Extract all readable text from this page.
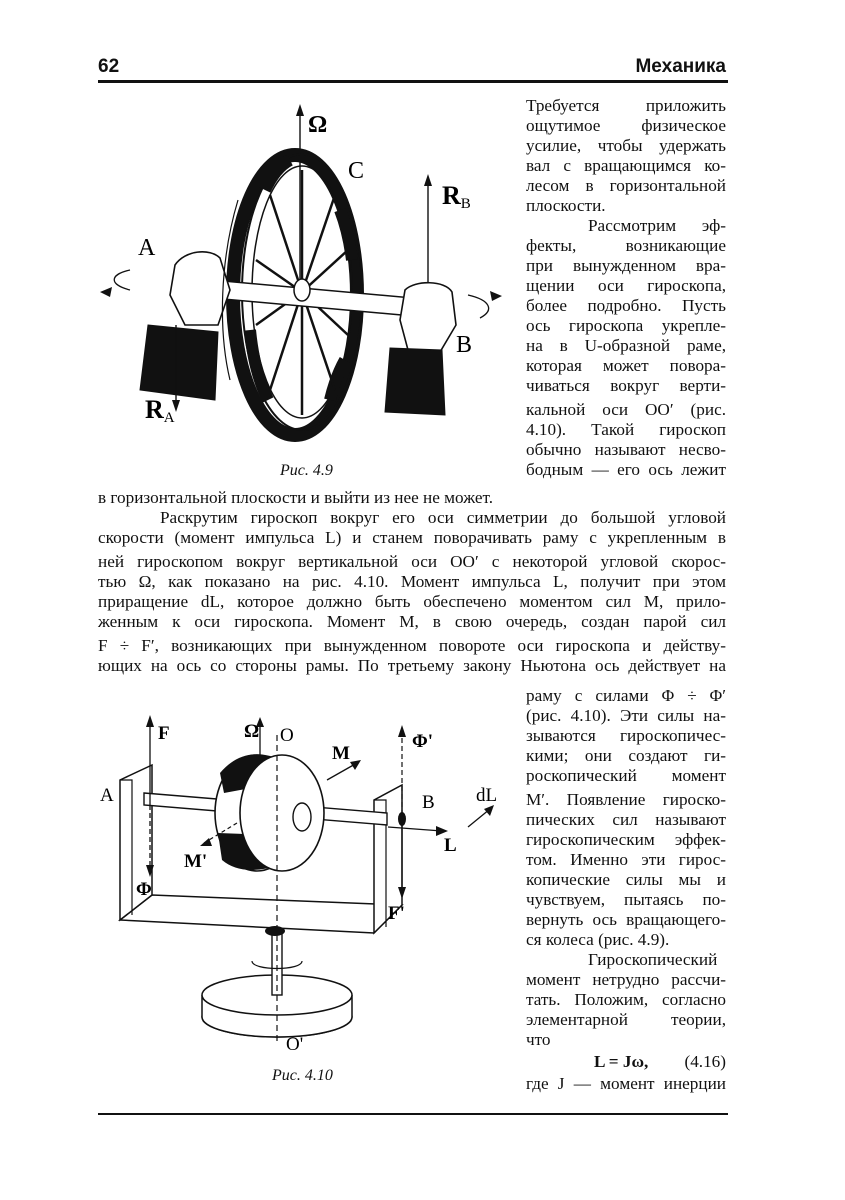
62	Механика
Ω
C
RB
A
RA
B
Рис. 4.9
Требуется приложить
ощутимое физическое
усилие, чтобы удержать
вал с вращающимся ко-
лесом в горизонтальной
плоскости.
Рассмотрим эф-
фекты, возникающие
при вынужденном вра-
щении оси гироскопа,
более подробно. Пусть
ось гироскопа укрепле-
на в U-образной раме,
которая может повора-
чиваться вокруг верти-
кальной оси OO′ (рис.
4.10). Такой гироскоп
обычно называют несво-
бодным — его ось лежит
в горизонтальной плоскости и выйти из нее не может.
Раскрутим гироскоп вокруг его оси симметрии до большой угловой
скорости (момент импульса L) и станем поворачивать раму с укрепленным в
ней гироскопом вокруг вертикальной оси OO′ с некоторой угловой скорос-
тью Ω, как показано на рис. 4.10. Момент импульса L, получит при этом
приращение dL, которое должно быть обеспечено моментом сил M, прило-
женным к оси гироскопа. Момент M, в свою очередь, создан парой сил
F ÷ F′, возникающих при вынужденном повороте оси гироскопа и действу-
ющих на ось со стороны рамы. По третьему закону Ньютона ось действует на
Ω O
O'
F
Φ
A
M
M'
Φ'
F'
B dL
L
Рис. 4.10
раму с силами Φ ÷ Φ′
(рис. 4.10). Эти силы на-
зываются гироскопичес-
кими; они создают ги-
роскопический момент
M′. Появление гироско-
пических сил называют
гироскопическим эффек-
том. Именно эти гирос-
копические силы мы и
чувствуем, пытаясь по-
вернуть ось вращающего-
ся колеса (рис. 4.9).
Гироскопический
момент нетрудно рассчи-
тать. Положим, согласно
элементарной теории,
что
L = Jω, (4.16)
где J — момент инерции
